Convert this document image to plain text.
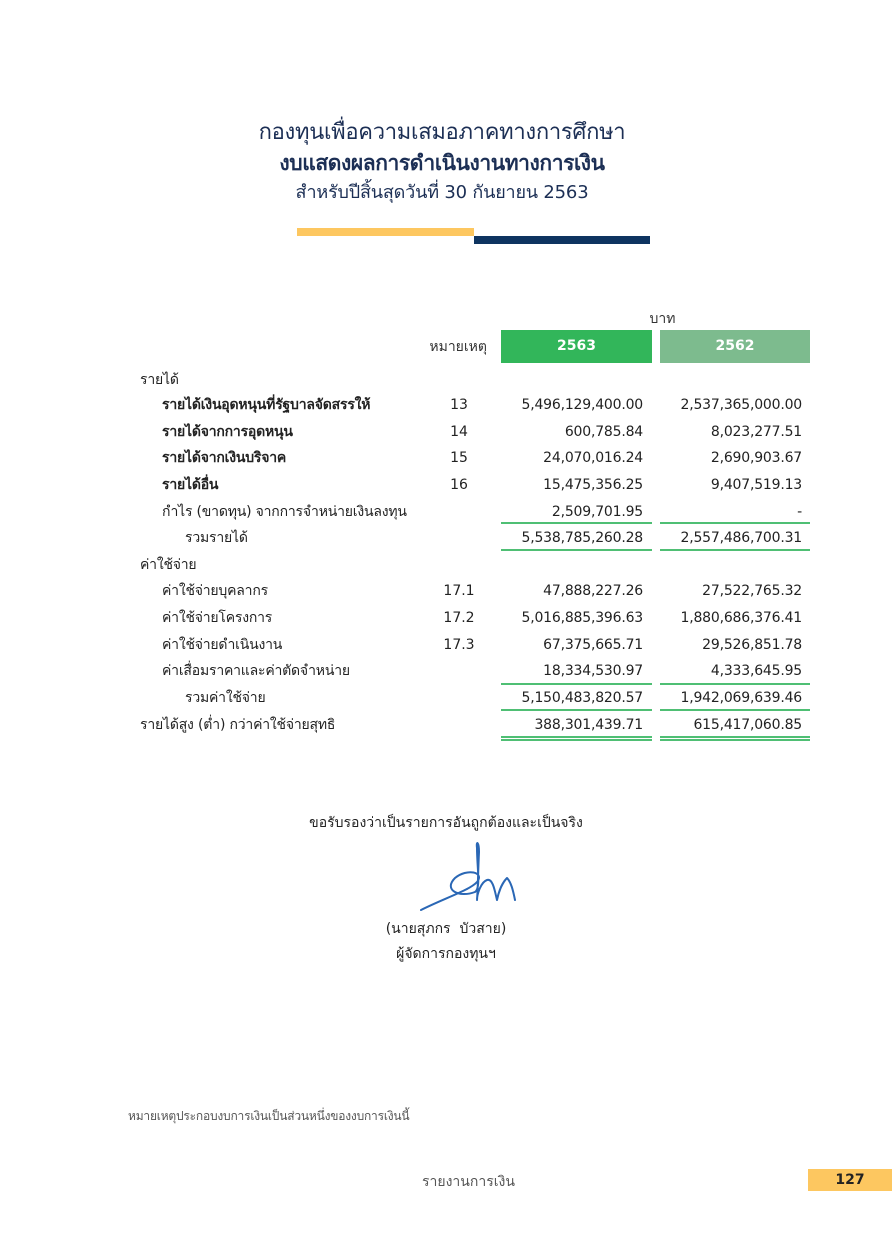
กองทุนเพื่อความเสมอภาคทางการศึกษา
งบแสดงผลการดำเนินงานทางการเงิน
สำหรับปีสิ้นสุดวันที่ 30 กันยายน 2563
บาท
หมายเหตุ	2563	2562
รายได้
รายได้เงินอุดหนุนที่รัฐบาลจัดสรรให้	13	5,496,129,400.00	2,537,365,000.00
รายได้จากการอุดหนุน	14	600,785.84	8,023,277.51
รายได้จากเงินบริจาค	15	24,070,016.24	2,690,903.67
รายได้อื่น	16	15,475,356.25	9,407,519.13
กำไร (ขาดทุน) จากการจำหน่ายเงินลงทุน	2,509,701.95	-
รวมรายได้	5,538,785,260.28	2,557,486,700.31
ค่าใช้จ่าย
ค่าใช้จ่ายบุคลากร	17.1	47,888,227.26	27,522,765.32
ค่าใช้จ่ายโครงการ	17.2	5,016,885,396.63	1,880,686,376.41
ค่าใช้จ่ายดำเนินงาน	17.3	67,375,665.71	29,526,851.78
ค่าเสื่อมราคาและค่าตัดจำหน่าย	18,334,530.97	4,333,645.95
รวมค่าใช้จ่าย	5,150,483,820.57	1,942,069,639.46
รายได้สูง (ต่ำ) กว่าค่าใช้จ่ายสุทธิ	388,301,439.71	615,417,060.85
ขอรับรองว่าเป็นรายการอันถูกต้องและเป็นจริง
(นายสุภกร  บัวสาย)
ผู้จัดการกองทุนฯ
หมายเหตุประกอบงบการเงินเป็นส่วนหนึ่งของงบการเงินนี้
รายงานการเงิน	127
